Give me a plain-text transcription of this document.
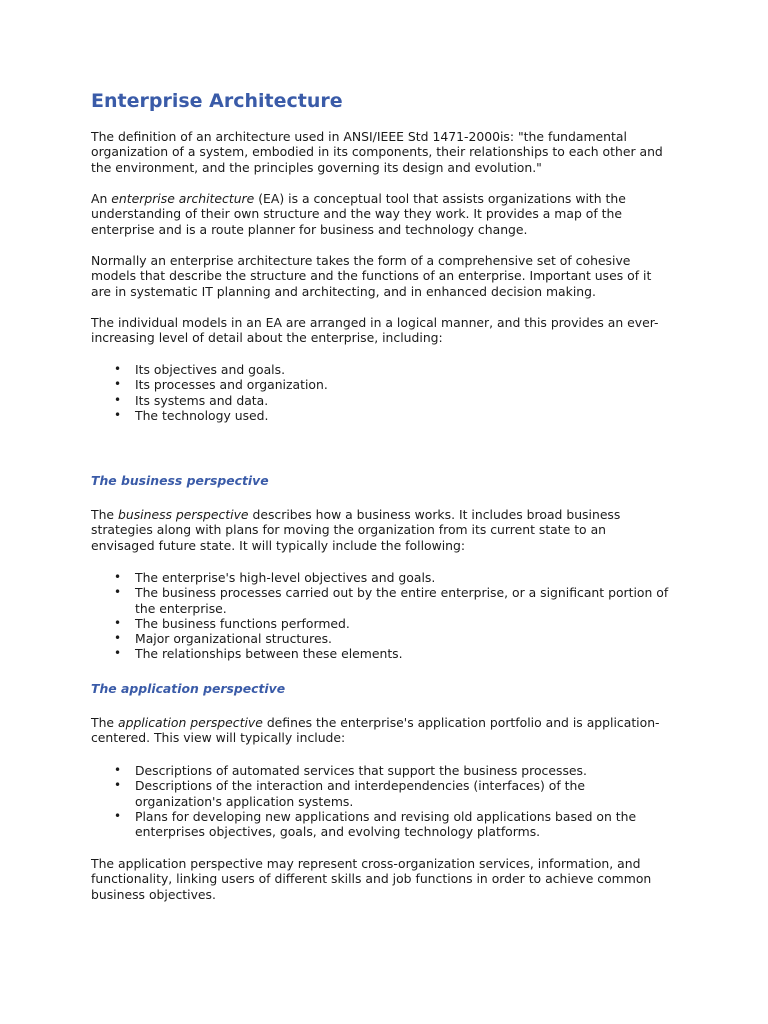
Enterprise Architecture

The definition of an architecture used in ANSI/IEEE Std 1471-2000is: "the fundamental
organization of a system, embodied in its components, their relationships to each other and
the environment, and the principles governing its design and evolution."

An enterprise architecture (EA) is a conceptual tool that assists organizations with the
understanding of their own structure and the way they work. It provides a map of the
enterprise and is a route planner for business and technology change.

Normally an enterprise architecture takes the form of a comprehensive set of cohesive
models that describe the structure and the functions of an enterprise. Important uses of it
are in systematic IT planning and architecting, and in enhanced decision making.

The individual models in an EA are arranged in a logical manner, and this provides an ever-
increasing level of detail about the enterprise, including:

• Its objectives and goals.
• Its processes and organization.
• Its systems and data.
• The technology used.
The business perspective

The business perspective describes how a business works. It includes broad business
strategies along with plans for moving the organization from its current state to an
envisaged future state. It will typically include the following:

• The enterprise's high-level objectives and goals.
• The business processes carried out by the entire enterprise, or a significant portion of
the enterprise.
• The business functions performed.
• Major organizational structures.
• The relationships between these elements.
The application perspective

The application perspective defines the enterprise's application portfolio and is application-
centered. This view will typically include:

• Descriptions of automated services that support the business processes.
• Descriptions of the interaction and interdependencies (interfaces) of the
organization's application systems.
• Plans for developing new applications and revising old applications based on the
enterprises objectives, goals, and evolving technology platforms.

The application perspective may represent cross-organization services, information, and
functionality, linking users of different skills and job functions in order to achieve common
business objectives.
